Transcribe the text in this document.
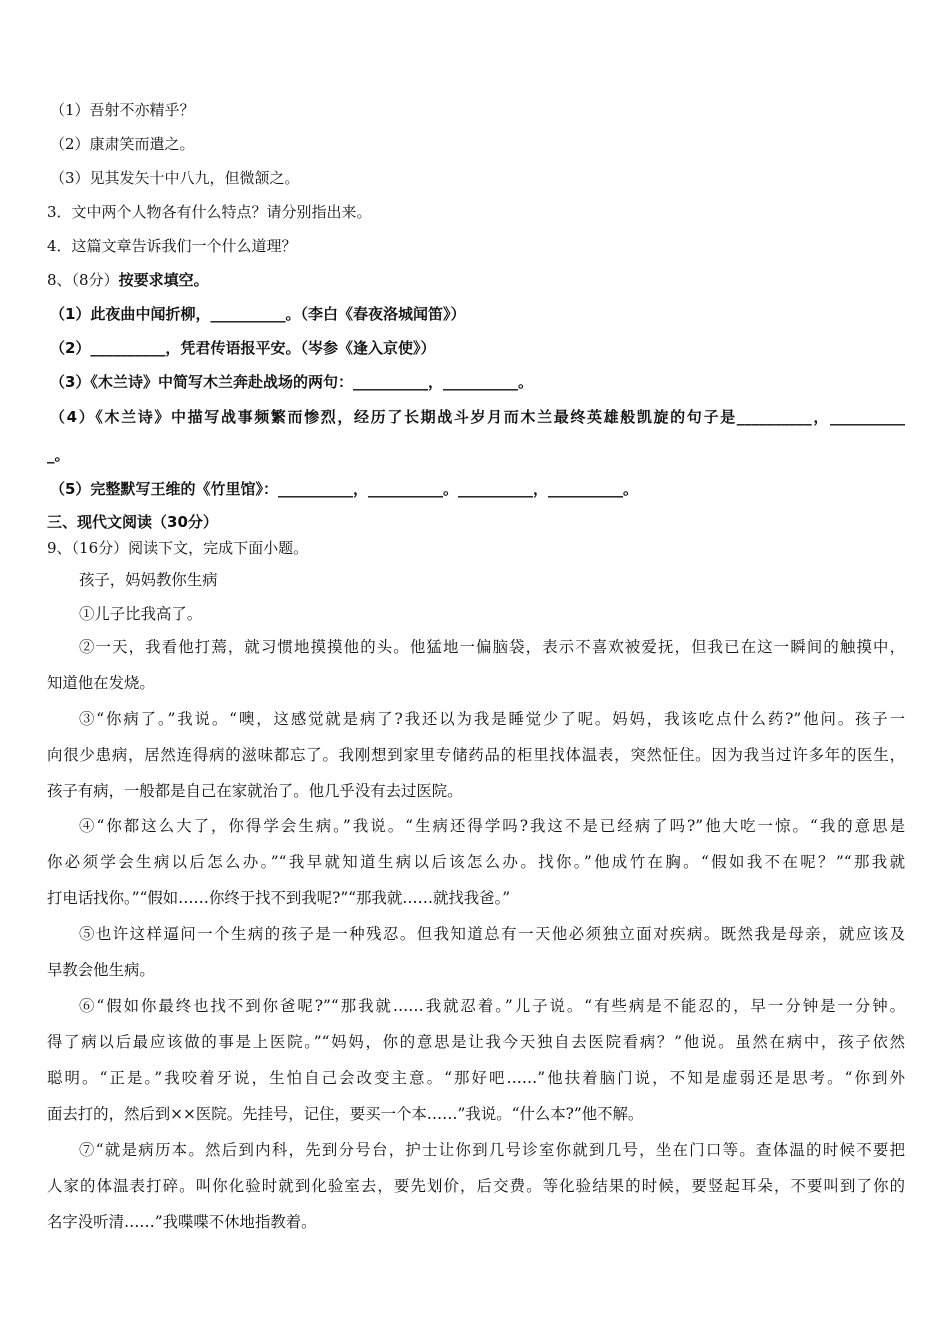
（1）吾射不亦精乎？
（2）康肃笑而遣之。
（3）见其发矢十中八九，但微颔之。
3．文中两个人物各有什么特点？请分别指出来。
4．这篇文章告诉我们一个什么道理？
8、（8分）按要求填空。
（1）此夜曲中闻折柳，__________。（李白《春夜洛城闻笛》）
（2）__________，凭君传语报平安。（岑参《逢入京使》）
（3）《木兰诗》中简写木兰奔赴战场的两句：__________，__________。
（4）《木兰诗》中描写战事频繁而惨烈，经历了长期战斗岁月而木兰最终英雄般凯旋的句子是__________，__________
_。
（5）完整默写王维的《竹里馆》：__________，__________。__________，__________。
三、现代文阅读（30分）
9、（16分）阅读下文，完成下面小题。
孩子，妈妈教你生病
①儿子比我高了。
②一天，我看他打蔫，就习惯地摸摸他的头。他猛地一偏脑袋，表示不喜欢被爱抚，但我已在这一瞬间的触摸中，
知道他在发烧。
③“你病了。”我说。“噢，这感觉就是病了?我还以为我是睡觉少了呢。妈妈，我该吃点什么药?”他问。孩子一
向很少患病，居然连得病的滋味都忘了。我刚想到家里专储药品的柜里找体温表，突然怔住。因为我当过许多年的医生，
孩子有病，一般都是自己在家就治了。他几乎没有去过医院。
④“你都这么大了，你得学会生病。”我说。“生病还得学吗?我这不是已经病了吗?”他大吃一惊。“我的意思是
你必须学会生病以后怎么办。”“我早就知道生病以后该怎么办。找你。”他成竹在胸。“假如我不在呢？”“那我就
打电话找你。”“假如……你终于找不到我呢?”“那我就……就找我爸。”
⑤也许这样逼问一个生病的孩子是一种残忍。但我知道总有一天他必须独立面对疾病。既然我是母亲，就应该及
早教会他生病。
⑥“假如你最终也找不到你爸呢?”“那我就……我就忍着。”儿子说。“有些病是不能忍的，早一分钟是一分钟。
得了病以后最应该做的事是上医院。”“妈妈，你的意思是让我今天独自去医院看病？”他说。虽然在病中，孩子依然
聪明。“正是。”我咬着牙说，生怕自己会改变主意。“那好吧……”他扶着脑门说，不知是虚弱还是思考。“你到外
面去打的，然后到××医院。先挂号，记住，要买一个本……”我说。“什么本?”他不解。
⑦“就是病历本。然后到内科，先到分号台，护士让你到几号诊室你就到几号，坐在门口等。查体温的时候不要把
人家的体温表打碎。叫你化验时就到化验室去，要先划价，后交费。等化验结果的时候，要竖起耳朵，不要叫到了你的
名字没听清……”我喋喋不休地指教着。
